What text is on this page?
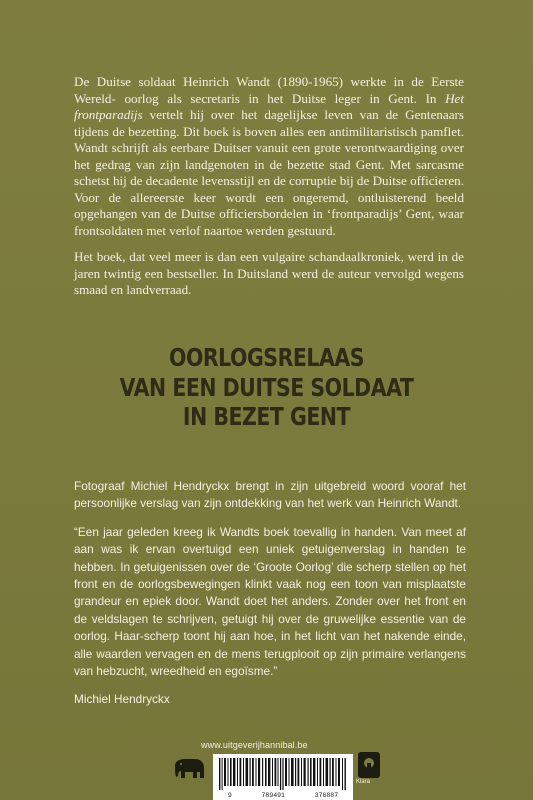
De Duitse soldaat Heinrich Wandt (1890-1965) werkte in de Eerste Wereld- oorlog als secretaris in het Duitse leger in Gent. In Het frontparadijs vertelt hij over het dagelijkse leven van de Gentenaars tijdens de bezetting. Dit boek is boven alles een antimilitaristisch pamflet. Wandt schrijft als eerbare Duitser vanuit een grote verontwaardiging over het gedrag van zijn landgenoten in de bezette stad Gent. Met sarcasme schetst hij de decadente levensstijl en de corruptie bij de Duitse officieren. Voor de allereerste keer wordt een ongeremd, ontluisterend beeld opgehangen van de Duitse officiersbordelen in ‘frontparadijs’ Gent, waar frontsoldaten met verlof naartoe werden gestuurd.

Het boek, dat veel meer is dan een vulgaire schandaalkroniek, werd in de jaren twintig een bestseller. In Duitsland werd de auteur vervolgd wegens smaad en landverraad.

OORLOGSRELAAS
VAN EEN DUITSE SOLDAAT
IN BEZET GENT

Fotograaf Michiel Hendryckx brengt in zijn uitgebreid woord vooraf het persoonlijke verslag van zijn ontdekking van het werk van Heinrich Wandt.

“Een jaar geleden kreeg ik Wandts boek toevallig in handen. Van meet af aan was ik ervan overtuigd een uniek getuigenverslag in handen te hebben. In getuigenissen over de ‘Groote Oorlog’ die scherp stellen op het front en de oorlogsbewegingen klinkt vaak nog een toon van misplaatste grandeur en epiek door. Wandt doet het anders. Zonder over het front en de veldslagen te schrijven, getuigt hij over de gruwelijke essentie van de oorlog. Haar-scherp toont hij aan hoe, in het licht van het nakende einde, alle waarden vervagen en de mens terugplooit op zijn primaire verlangens van hebzucht, wreedheid en egoïsme.”

Michiel Hendryckx

www.uitgeverijhannibal.be
9	789491	376887
Klara
